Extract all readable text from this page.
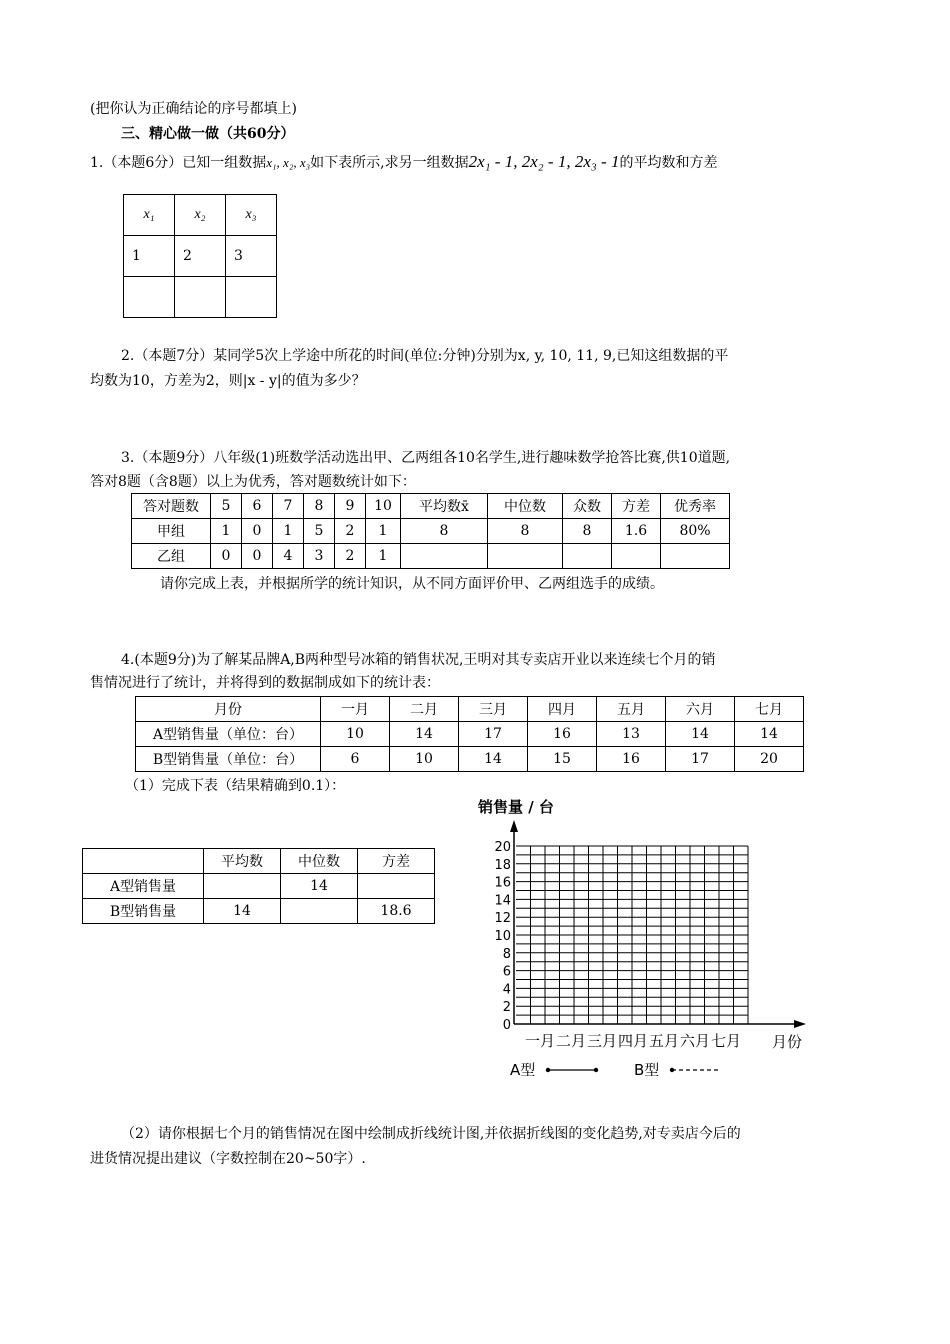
(把你认为正确结论的序号都填上)
三、精心做一做（共60分）
1.（本题6分）已知一组数据x₁, x₂, x₃如下表所示,求另一组数据2x₁ - 1, 2x₂ - 1, 2x₃ - 1的平均数和方差
x₁	x₂	x₃
1	2	3

2.（本题7分）某同学5次上学途中所花的时间(单位:分钟)分别为x, y, 10, 11, 9,已知这组数据的平
均数为10，方差为2，则|x - y|的值为多少？
3.（本题9分）八年级(1)班数学活动选出甲、乙两组各10名学生,进行趣味数学抢答比赛,供10道题,
答对8题（含8题）以上为优秀，答对题数统计如下：
答对题数	5	6	7	8	9	10	平均数x̄	中位数	众数	方差	优秀率
甲组	1	0	1	5	2	1	8	8	8	1.6	80%
乙组	0	0	4	3	2	1					
请你完成上表，并根据所学的统计知识，从不同方面评价甲、乙两组选手的成绩。
4.(本题9分)为了解某品牌A,B两种型号冰箱的销售状况,王明对其专卖店开业以来连续七个月的销
售情况进行了统计，并将得到的数据制成如下的统计表：
月份	一月	二月	三月	四月	五月	六月	七月
A型销售量（单位：台）	10	14	17	16	13	14	14
B型销售量（单位：台）	6	10	14	15	16	17	20
（1）完成下表（结果精确到0.1）：
	平均数	中位数	方差
A型销售量		14	
B型销售量	14		18.6
销售量 / 台
0
2
4
6
8
10
12
14
16
18
20
一月 二月 三月 四月 五月 六月 七月 月份
A型	B型
（2）请你根据七个月的销售情况在图中绘制成折线统计图,并依据折线图的变化趋势,对专卖店今后的
进货情况提出建议（字数控制在20~50字）.
